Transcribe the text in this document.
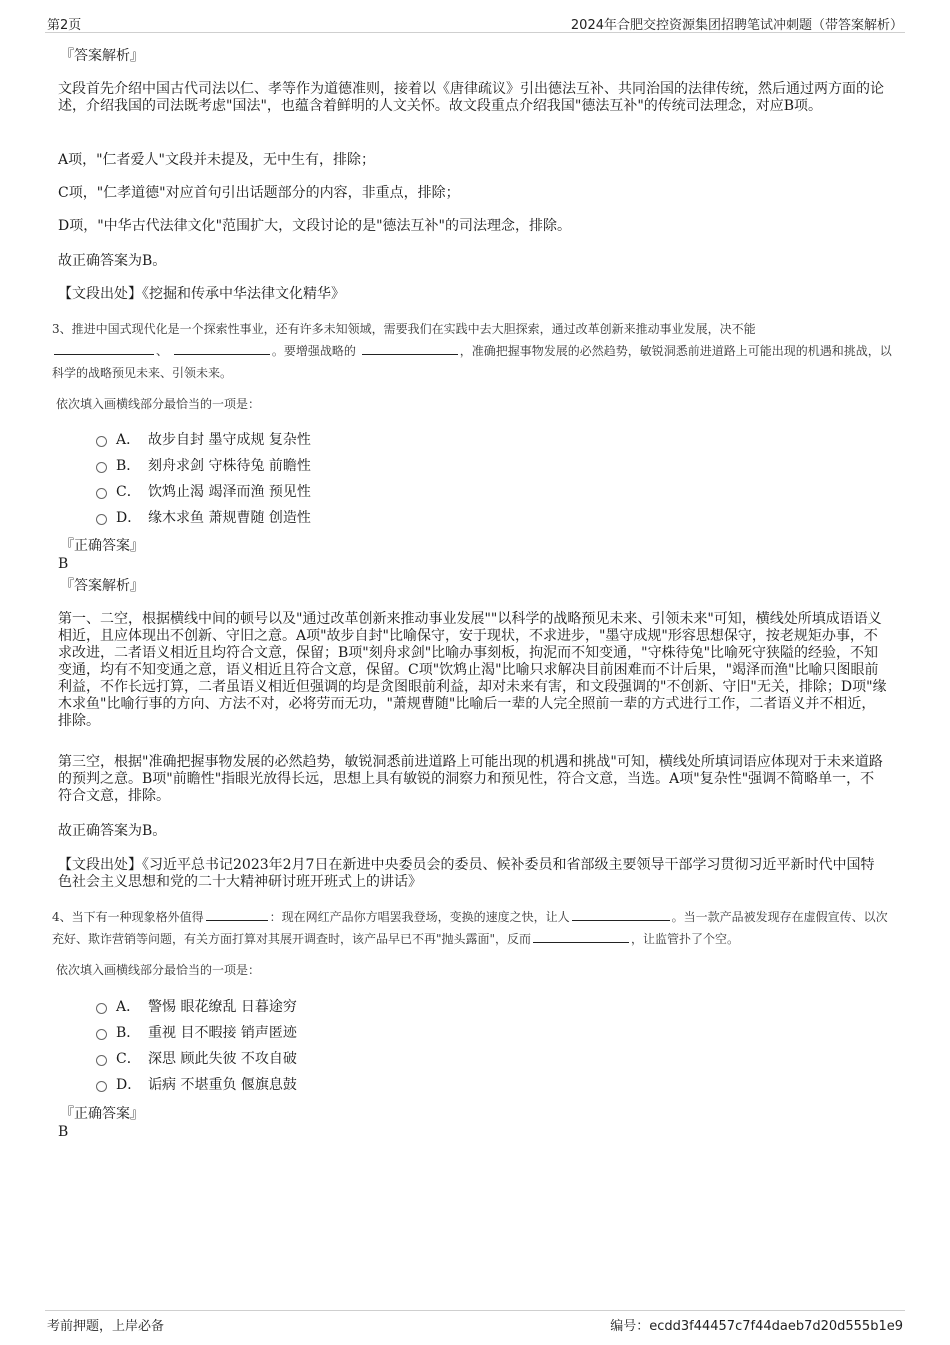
第2页	2024年合肥交控资源集团招聘笔试冲刺题（带答案解析）

『答案解析』

文段首先介绍中国古代司法以仁、孝等作为道德准则，接着以《唐律疏议》引出德法互补、共同治国的法律传统，然后通过两方面的论述，介绍我国的司法既考虑"国法"，也蕴含着鲜明的人文关怀。故文段重点介绍我国"德法互补"的传统司法理念，对应B项。

A项，"仁者爱人"文段并未提及，无中生有，排除；

C项，"仁孝道德"对应首句引出话题部分的内容，非重点，排除；

D项，"中华古代法律文化"范围扩大，文段讨论的是"德法互补"的司法理念，排除。

故正确答案为B。

【文段出处】《挖掘和传承中华法律文化精华》

3、推进中国式现代化是一个探索性事业，还有许多未知领域，需要我们在实践中去大胆探索，通过改革创新来推动事业发展，决不能
、	。要增强战略的	，准确把握事物发展的必然趋势，敏锐洞悉前进道路上可能出现的机遇和挑战，以科学的战略预见未来、引领未来。

依次填入画横线部分最恰当的一项是：

A． 故步自封 墨守成规 复杂性
B． 刻舟求剑 守株待兔 前瞻性
C． 饮鸩止渴 竭泽而渔 预见性
D． 缘木求鱼 萧规曹随 创造性

『正确答案』

B

『答案解析』

第一、二空，根据横线中间的顿号以及"通过改革创新来推动事业发展""以科学的战略预见未来、引领未来"可知，横线处所填成语语义相近，且应体现出不创新、守旧之意。A项"故步自封"比喻保守，安于现状，不求进步，"墨守成规"形容思想保守，按老规矩办事，不求改进，二者语义相近且均符合文意，保留；B项"刻舟求剑"比喻办事刻板，拘泥而不知变通，"守株待兔"比喻死守狭隘的经验，不知变通，均有不知变通之意，语义相近且符合文意，保留。C项"饮鸩止渴"比喻只求解决目前困难而不计后果，"竭泽而渔"比喻只图眼前利益，不作长远打算，二者虽语义相近但强调的均是贪图眼前利益，却对未来有害，和文段强调的"不创新、守旧"无关，排除；D项"缘木求鱼"比喻行事的方向、方法不对，必将劳而无功，"萧规曹随"比喻后一辈的人完全照前一辈的方式进行工作，二者语义并不相近，排除。

第三空，根据"准确把握事物发展的必然趋势，敏锐洞悉前进道路上可能出现的机遇和挑战"可知，横线处所填词语应体现对于未来道路的预判之意。B项"前瞻性"指眼光放得长远，思想上具有敏锐的洞察力和预见性，符合文意，当选。A项"复杂性"强调不简略单一，不符合文意，排除。

故正确答案为B。

【文段出处】《习近平总书记2023年2月7日在新进中央委员会的委员、候补委员和省部级主要领导干部学习贯彻习近平新时代中国特色社会主义思想和党的二十大精神研讨班开班式上的讲话》

4、当下有一种现象格外值得	：现在网红产品你方唱罢我登场，变换的速度之快，让人	。当一款产品被发现存在虚假宣传、以次充好、欺诈营销等问题，有关方面打算对其展开调查时，该产品早已不再"抛头露面"，反而	，让监管扑了个空。

依次填入画横线部分最恰当的一项是：

A． 警惕 眼花缭乱 日暮途穷
B． 重视 目不暇接 销声匿迹
C． 深思 顾此失彼 不攻自破
D． 诟病 不堪重负 偃旗息鼓

『正确答案』

B

考前押题，上岸必备	编号：ecdd3f44457c7f44daeb7d20d555b1e9
